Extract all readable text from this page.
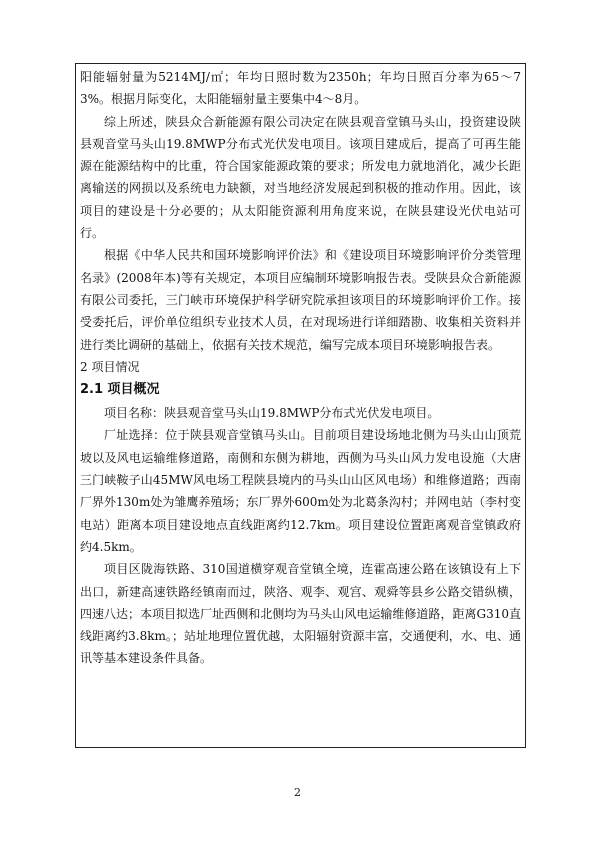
阳能辐射量为5214MJ/㎡；年均日照时数为2350h；年均日照百分率为65～73%。根据月际变化，太阳能辐射量主要集中4～8月。

综上所述，陕县众合新能源有限公司决定在陕县观音堂镇马头山，投资建设陕县观音堂马头山19.8MWP分布式光伏发电项目。该项目建成后，提高了可再生能源在能源结构中的比重，符合国家能源政策的要求；所发电力就地消化，减少长距离输送的网损以及系统电力缺额，对当地经济发展起到积极的推动作用。因此，该项目的建设是十分必要的；从太阳能资源利用角度来说，在陕县建设光伏电站可行。

根据《中华人民共和国环境影响评价法》和《建设项目环境影响评价分类管理名录》(2008年本)等有关规定，本项目应编制环境影响报告表。受陕县众合新能源有限公司委托，三门峡市环境保护科学研究院承担该项目的环境影响评价工作。接受委托后，评价单位组织专业技术人员，在对现场进行详细踏勘、收集相关资料并进行类比调研的基础上，依据有关技术规范，编写完成本项目环境影响报告表。

2 项目情况
2.1 项目概况

项目名称：陕县观音堂马头山19.8MWP分布式光伏发电项目。

厂址选择：位于陕县观音堂镇马头山。目前项目建设场地北侧为马头山山顶荒坡以及风电运输维修道路，南侧和东侧为耕地，西侧为马头山风力发电设施（大唐三门峡鞍子山45MW风电场工程陕县境内的马头山山区风电场）和维修道路；西南厂界外130m处为雏鹰养殖场；东厂界外600m处为北葛条沟村；并网电站（李村变电站）距离本项目建设地点直线距离约12.7km。项目建设位置距离观音堂镇政府约4.5km。

项目区陇海铁路、310国道横穿观音堂镇全境，连霍高速公路在该镇设有上下出口，新建高速铁路经镇南而过，陕洛、观李、观宫、观舜等县乡公路交错纵横，四速八达；本项目拟选厂址西侧和北侧均为马头山风电运输维修道路，距离G310直线距离约3.8km。；站址地理位置优越，太阳辐射资源丰富，交通便利，水、电、通讯等基本建设条件具备。

2
